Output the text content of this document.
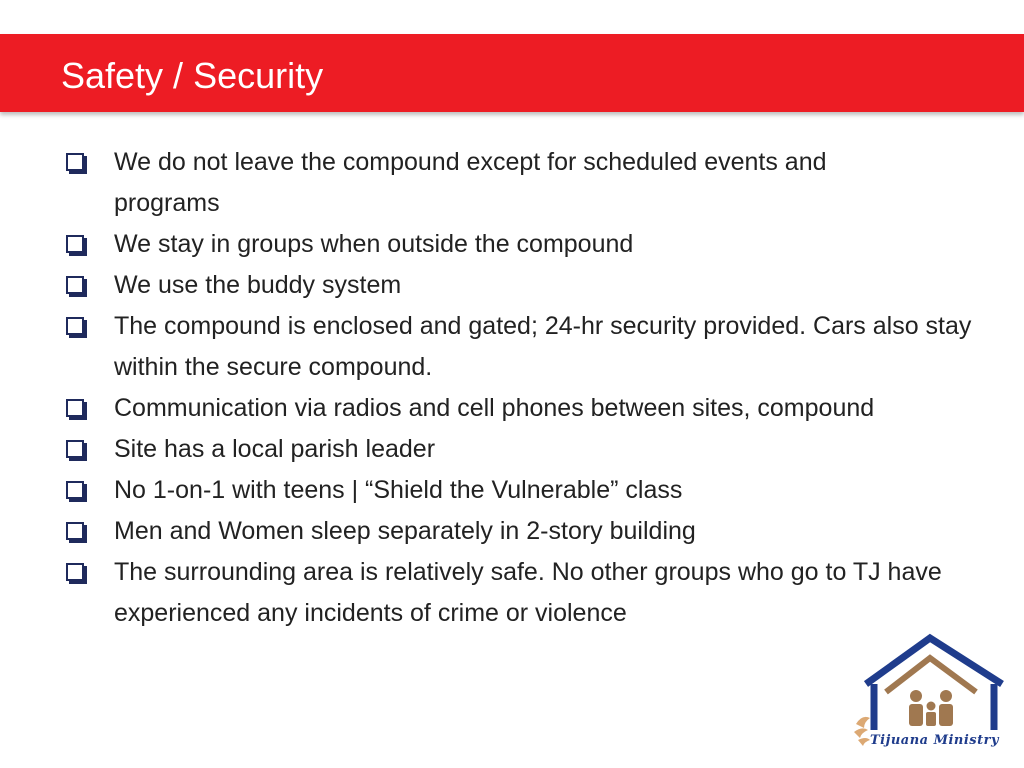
Safety / Security
We do not leave the compound except for scheduled events and programs
We stay in groups when outside the compound
We use the buddy system
The compound is enclosed and gated; 24-hr security provided. Cars also stay within the secure compound.
Communication via radios and cell phones between sites, compound
Site has a local parish leader
No 1-on-1 with teens | “Shield the Vulnerable” class
Men and Women sleep separately in 2-story building
The surrounding area is relatively safe. No other groups who go to TJ have experienced any incidents of crime or violence
Tijuana Ministry
